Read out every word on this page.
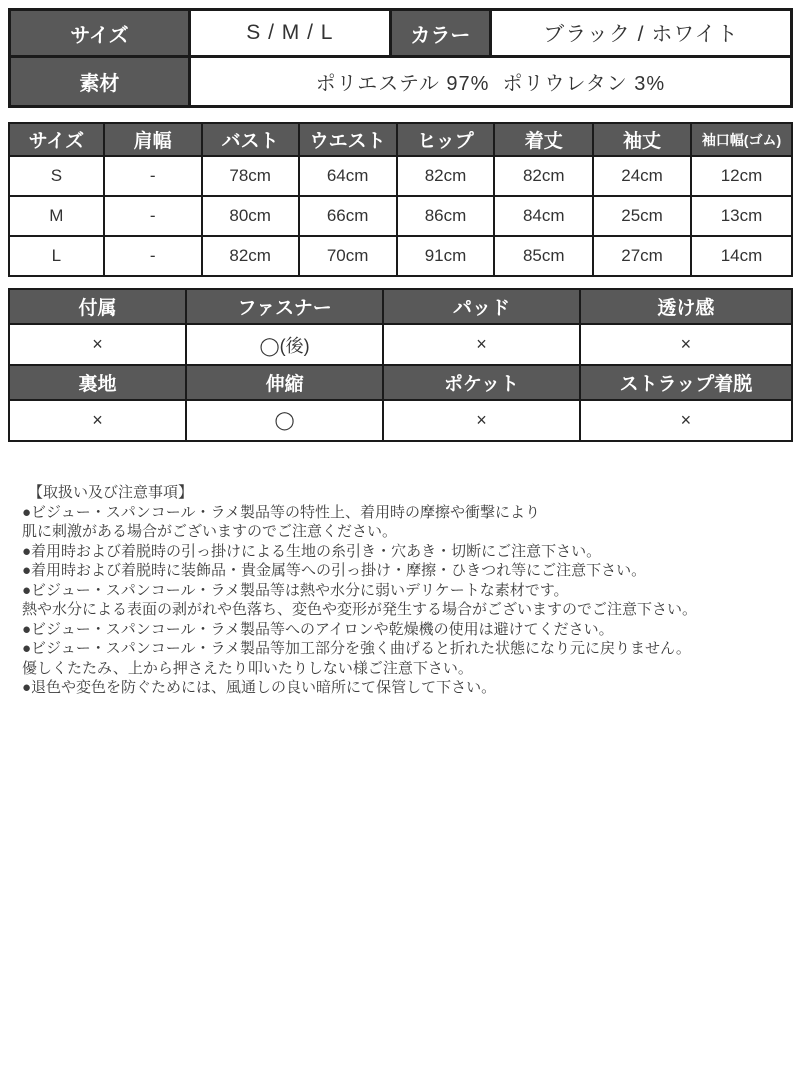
サイズ	S / M / L	カラー	ブラック / ホワイト
素材	ポリエステル 97%  ポリウレタン 3%		
サイズ	肩幅	バスト	ウエスト	ヒップ	着丈	袖丈	袖口幅(ゴム)
S	-	78cm	64cm	82cm	82cm	24cm	12cm
M	-	80cm	66cm	86cm	84cm	25cm	13cm
L	-	82cm	70cm	91cm	85cm	27cm	14cm
付属	ファスナー	パッド	透け感
×	◯(後)	×	×
裏地	伸縮	ポケット	ストラップ着脱
×	◯	×	×
【取扱い及び注意事項】
●ビジュー・スパンコール・ラメ製品等の特性上、着用時の摩擦や衝撃により
肌に刺激がある場合がございますのでご注意ください。
●着用時および着脱時の引っ掛けによる生地の糸引き・穴あき・切断にご注意下さい。
●着用時および着脱時に装飾品・貴金属等への引っ掛け・摩擦・ひきつれ等にご注意下さい。
●ビジュー・スパンコール・ラメ製品等は熱や水分に弱いデリケートな素材です。
熱や水分による表面の剥がれや色落ち、変色や変形が発生する場合がございますのでご注意下さい。
●ビジュー・スパンコール・ラメ製品等へのアイロンや乾燥機の使用は避けてください。
●ビジュー・スパンコール・ラメ製品等加工部分を強く曲げると折れた状態になり元に戻りません。
優しくたたみ、上から押さえたり叩いたりしない様ご注意下さい。
●退色や変色を防ぐためには、風通しの良い暗所にて保管して下さい。
